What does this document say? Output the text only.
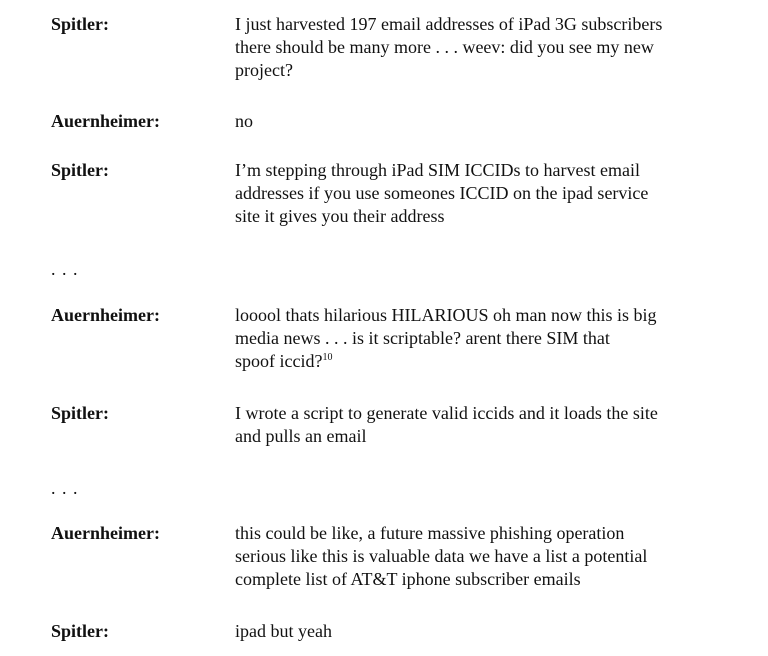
Spitler:	I just harvested 197 email addresses of iPad 3G subscribers
there should be many more . . . weev: did you see my new
project?
Auernheimer:	no
Spitler:	I’m stepping through iPad SIM ICCIDs to harvest email
addresses if you use someones ICCID on the ipad service
site it gives you their address
. . .
Auernheimer:	looool thats hilarious HILARIOUS oh man now this is big
media news . . . is it scriptable? arent there SIM that
spoof iccid?$^{10}$
Spitler:	I wrote a script to generate valid iccids and it loads the site
and pulls an email
. . .
Auernheimer:	this could be like, a future massive phishing operation
serious like this is valuable data we have a list a potential
complete list of AT&T iphone subscriber emails
Spitler:	ipad but yeah
